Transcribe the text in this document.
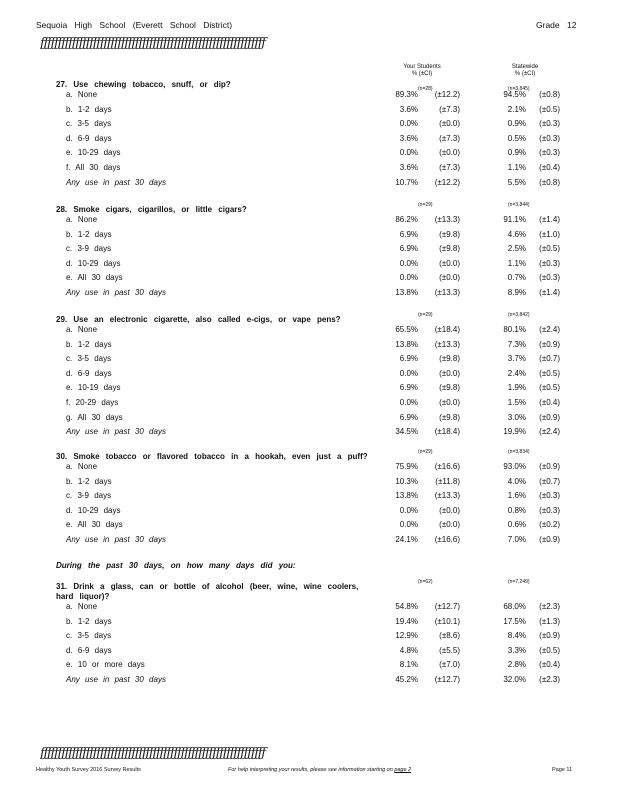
Sequoia High School (Everett School District)	Grade 12
ƒƒƒƒƒƒƒƒƒƒƒƒƒƒƒƒƒƒƒƒƒƒƒƒƒƒƒƒƒƒƒƒƒƒƒƒƒƒƒƒƒƒƒƒƒƒƒƒƒƒƒƒƒƒƒƒƒƒƒƒƒƒƒƒ
Your Students
% (±CI)
Statewide
% (±CI)
During the past 30 days, on how many days did you:
27. Use chewing tobacco, snuff, or dip?	(n=28)	(n=3,845)
a. None	89.3%	(±12.2)	94.5%	(±0.8)
b. 1-2 days	3.6%	(±7.3)	2.1%	(±0.5)
c. 3-5 days	0.0%	(±0.0)	0.9%	(±0.3)
d. 6-9 days	3.6%	(±7.3)	0.5%	(±0.3)
e. 10-29 days	0.0%	(±0.0)	0.9%	(±0.3)
f. All 30 days	3.6%	(±7.3)	1.1%	(±0.4)
Any use in past 30 days	10.7%	(±12.2)	5.5%	(±0.8)
28. Smoke cigars, cigarillos, or little cigars?	(n=29)	(n=3,844)
a. None	86.2%	(±13.3)	91.1%	(±1.4)
b. 1-2 days	6.9%	(±9.8)	4.6%	(±1.0)
c. 3-9 days	6.9%	(±9.8)	2.5%	(±0.5)
d. 10-29 days	0.0%	(±0.0)	1.1%	(±0.3)
e. All 30 days	0.0%	(±0.0)	0.7%	(±0.3)
Any use in past 30 days	13.8%	(±13.3)	8.9%	(±1.4)
29. Use an electronic cigarette, also called e-cigs, or vape pens?	(n=29)	(n=3,842)
a. None	65.5%	(±18.4)	80.1%	(±2.4)
b. 1-2 days	13.8%	(±13.3)	7.3%	(±0.9)
c. 3-5 days	6.9%	(±9.8)	3.7%	(±0.7)
d. 6-9 days	0.0%	(±0.0)	2.4%	(±0.5)
e. 10-19 days	6.9%	(±9.8)	1.9%	(±0.5)
f. 20-29 days	0.0%	(±0.0)	1.5%	(±0.4)
g. All 30 days	6.9%	(±9.8)	3.0%	(±0.9)
Any use in past 30 days	34.5%	(±18.4)	19.9%	(±2.4)
30. Smoke tobacco or flavored tobacco in a hookah, even just a puff?	(n=29)	(n=3,834)
a. None	75.9%	(±16.6)	93.0%	(±0.9)
b. 1-2 days	10.3%	(±11.8)	4.0%	(±0.7)
c. 3-9 days	13.8%	(±13.3)	1.6%	(±0.3)
d. 10-29 days	0.0%	(±0.0)	0.8%	(±0.3)
e. All 30 days	0.0%	(±0.0)	0.6%	(±0.2)
Any use in past 30 days	24.1%	(±16.6)	7.0%	(±0.9)
31. Drink a glass, can or bottle of alcohol (beer, wine, wine coolers, hard liquor)?
(n=62)	(n=7,249)
a. None	54.8%	(±12.7)	68.0%	(±2.3)
b. 1-2 days	19.4%	(±10.1)	17.5%	(±1.3)
c. 3-5 days	12.9%	(±8.6)	8.4%	(±0.9)
d. 6-9 days	4.8%	(±5.5)	3.3%	(±0.5)
e. 10 or more days	8.1%	(±7.0)	2.8%	(±0.4)
Any use in past 30 days	45.2%	(±12.7)	32.0%	(±2.3)
ƒƒƒƒƒƒƒƒƒƒƒƒƒƒƒƒƒƒƒƒƒƒƒƒƒƒƒƒƒƒƒƒƒƒƒƒƒƒƒƒƒƒƒƒƒƒƒƒƒƒƒƒƒƒƒƒƒƒƒƒƒƒƒƒ
Healthy Youth Survey 2016 Survey Results	For help interpreting your results, please see information starting on page 2	Page 11
